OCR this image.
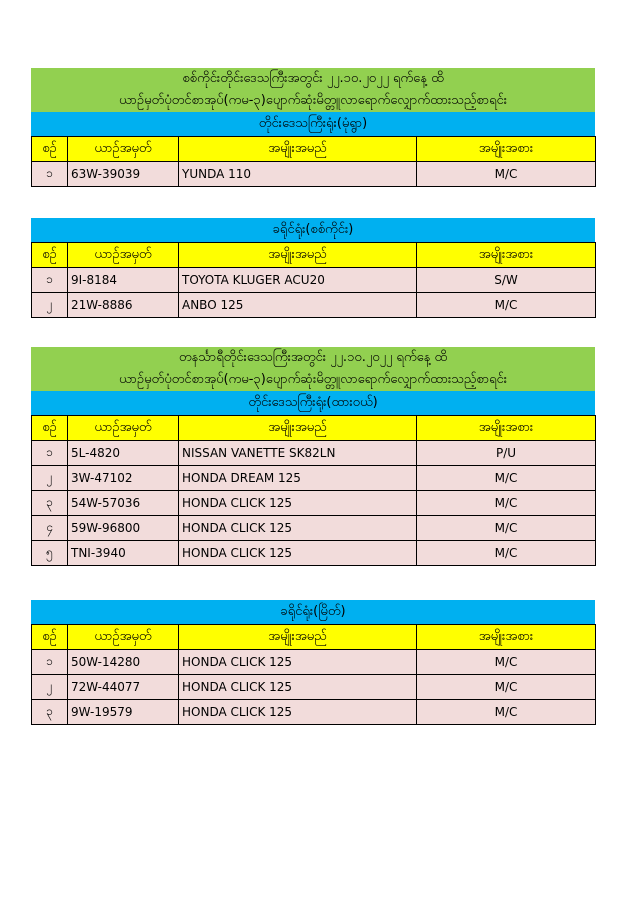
စစ်ကိုင်းတိုင်းဒေသကြီးအတွင်း ၂၂.၁၀.၂၀၂၂ ရက်နေ့ ထိ
ယာဉ်မှတ်ပုံတင်စာအုပ်(ကမ-၃)ပျောက်ဆုံးမိတ္တူလာရောက်လျှောက်ထားသည့်စာရင်း
တိုင်းဒေသကြီးရုံး(မုံရွာ)
စဉ်	ယာဉ်အမှတ်	အမျိုးအမည်	အမျိုးအစား
၁	63W-39039	YUNDA 110	M/C
ခရိုင်ရုံး(စစ်ကိုင်း)
စဉ်	ယာဉ်အမှတ်	အမျိုးအမည်	အမျိုးအစား
၁	9I-8184	TOYOTA KLUGER ACU20	S/W
၂	21W-8886	ANBO 125	M/C
တနင်္သာရီတိုင်းဒေသကြီးအတွင်း ၂၂.၁၀.၂၀၂၂ ရက်နေ့ ထိ
ယာဉ်မှတ်ပုံတင်စာအုပ်(ကမ-၃)ပျောက်ဆုံးမိတ္တူလာရောက်လျှောက်ထားသည့်စာရင်း
တိုင်းဒေသကြီးရုံး(ထားဝယ်)
စဉ်	ယာဉ်အမှတ်	အမျိုးအမည်	အမျိုးအစား
၁	5L-4820	NISSAN VANETTE SK82LN	P/U
၂	3W-47102	HONDA DREAM 125	M/C
၃	54W-57036	HONDA CLICK 125	M/C
၄	59W-96800	HONDA CLICK 125	M/C
၅	TNI-3940	HONDA CLICK 125	M/C
ခရိုင်ရုံး(မြိတ်)
စဉ်	ယာဉ်အမှတ်	အမျိုးအမည်	အမျိုးအစား
၁	50W-14280	HONDA CLICK 125	M/C
၂	72W-44077	HONDA CLICK 125	M/C
၃	9W-19579	HONDA CLICK 125	M/C
